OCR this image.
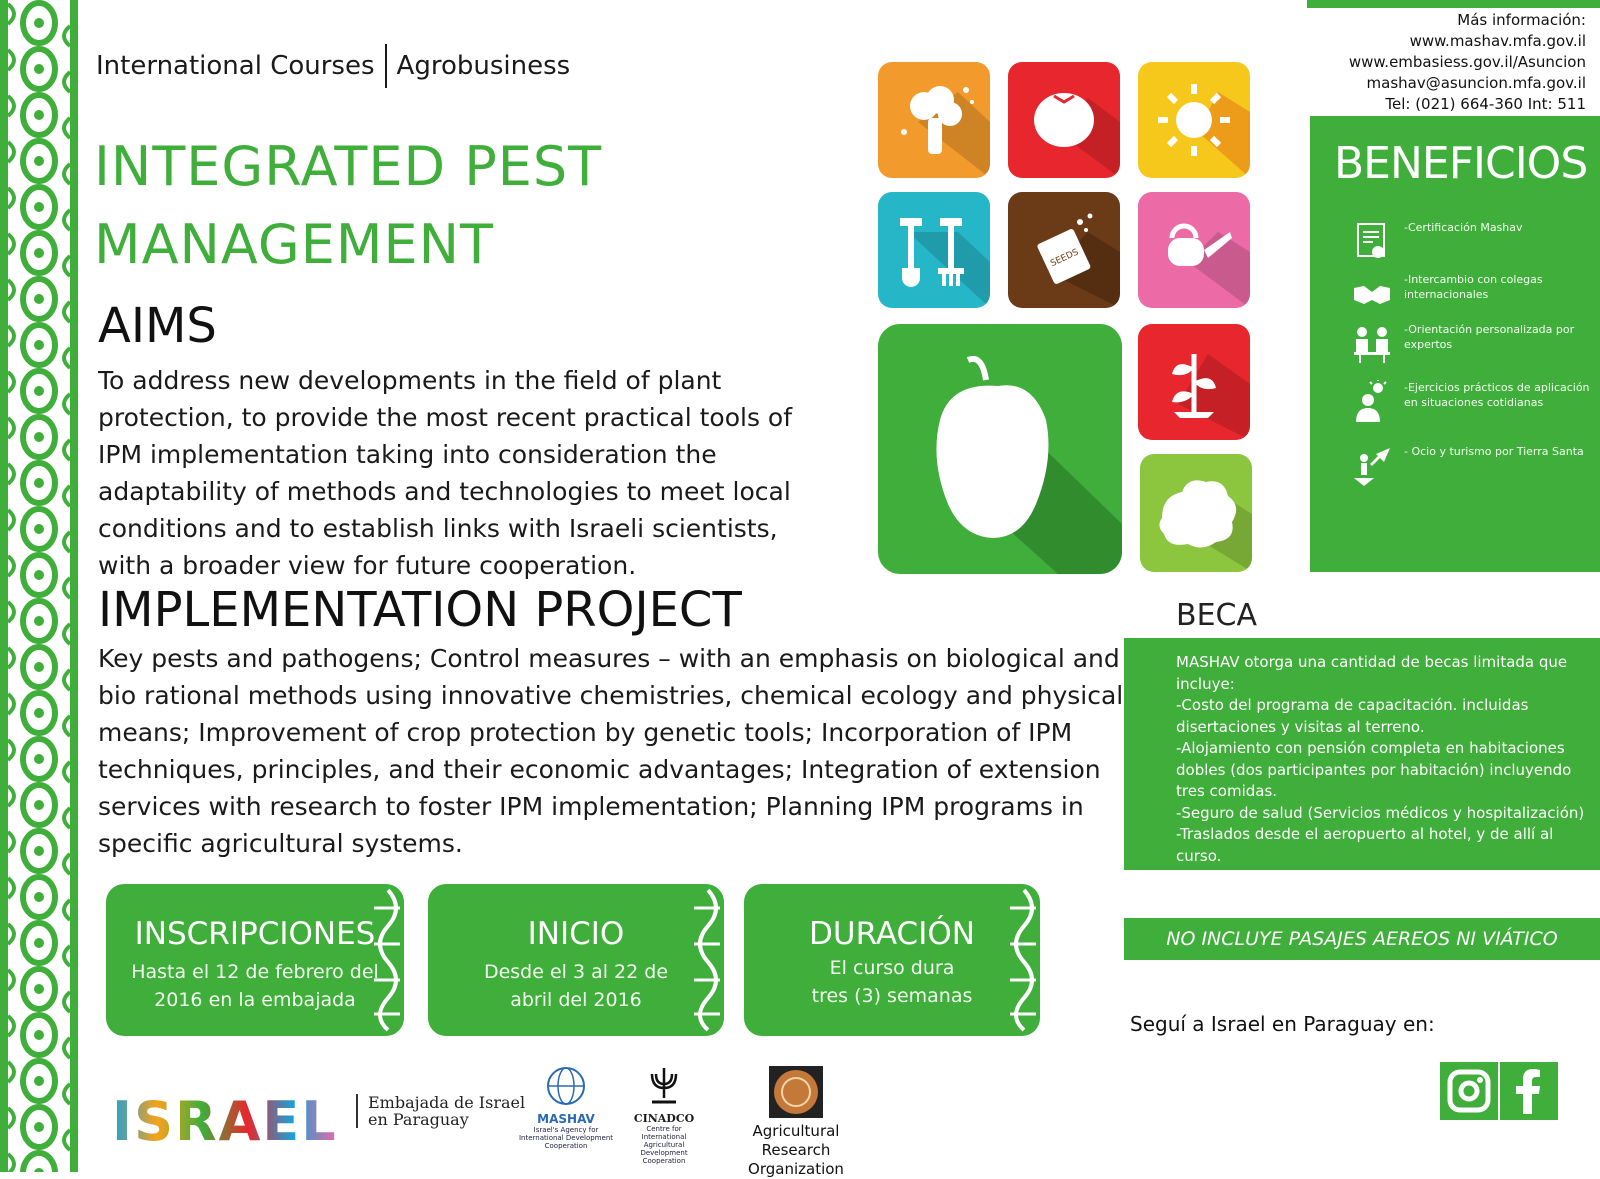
International Courses Agrobusiness
INTEGRATED PEST
MANAGEMENT
AIMS
To address new developments in the field of plant protection, to provide the most recent practical tools of IPM implementation taking into consideration the adaptability of methods and technologies to meet local conditions and to establish links with Israeli scientists, with a broader view for future cooperation.
IMPLEMENTATION PROJECT
Key pests and pathogens; Control measures – with an emphasis on biological and bio rational methods using innovative chemistries, chemical ecology and physical means; Improvement of crop protection by genetic tools; Incorporation of IPM techniques, principles, and their economic advantages; Integration of extension services with research to foster IPM implementation; Planning IPM programs in specific agricultural systems.
INSCRIPCIONES
Hasta el 12 de febrero del
2016 en la embajada
INICIO
Desde el 3 al 22 de
abril del 2016
DURACIÓN
El curso dura
tres (3) semanas
SEEDS
Más información:
www.mashav.mfa.gov.il
www.embasiess.gov.il/Asuncion
mashav@asuncion.mfa.gov.il
Tel: (021) 664-360 Int: 511
BENEFICIOS
-Certificación Mashav
-Intercambio con colegas internacionales
-Orientación personalizada por expertos
-Ejercicios prácticos de aplicación en situaciones cotidianas
- Ocio y turismo por Tierra Santa
BECA

MASHAV otorga una cantidad de becas limitada que incluye:
-Costo del programa de capacitación. incluidas disertaciones y visitas al terreno.
-Alojamiento con pensión completa en habitaciones dobles (dos participantes por habitación) incluyendo tres comidas.
-Seguro de salud (Servicios médicos y hospitalización)
-Traslados desde el aeropuerto al hotel, y de allí al curso.

NO INCLUYE PASAJES AEREOS NI VIÁTICO
Seguí a Israel en Paraguay en:
ISRAEL Embajada de Israel
en Paraguay	MASHAV
Israel's Agency for International Development Cooperation
CINADCO
Centre for International Agricultural Development Cooperation
Agricultural Research
Organization
